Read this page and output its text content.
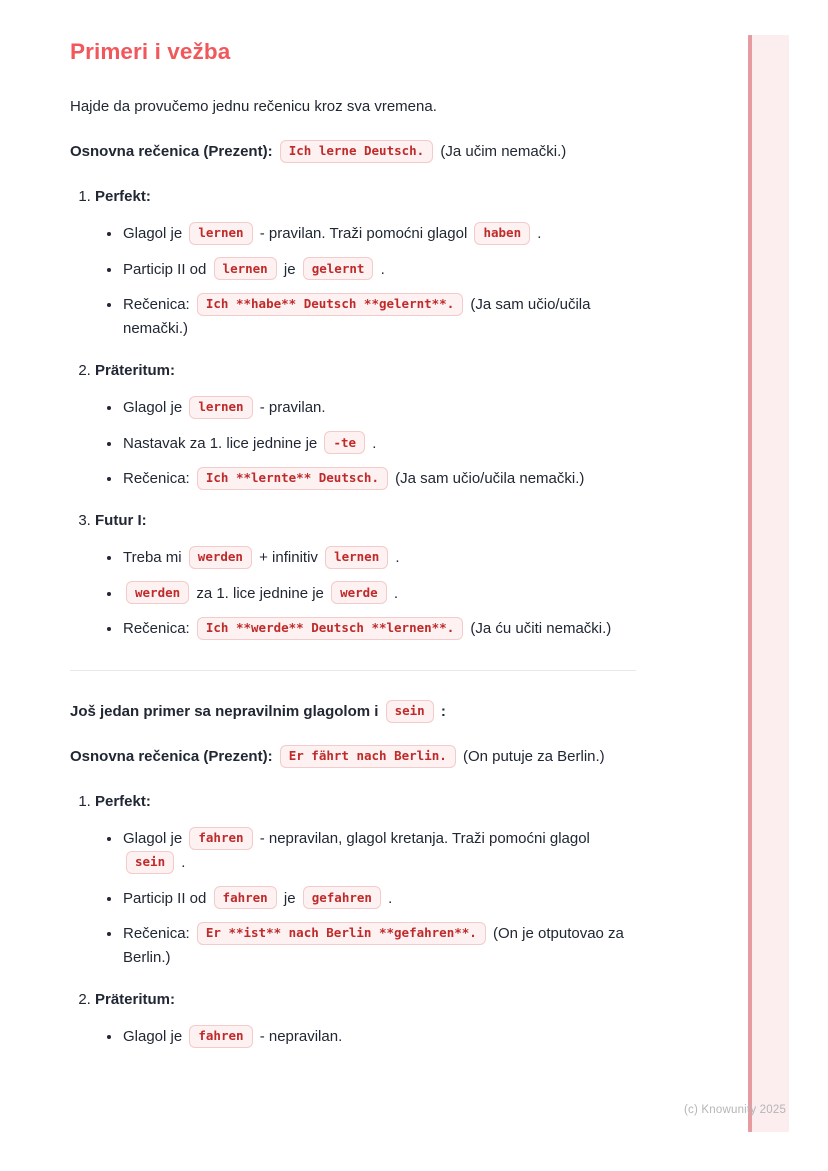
(c) Knowunity 2025
Primeri i vežba

Hajde da provučemo jednu rečenicu kroz sva vremena.

Osnovna rečenica (Prezent): Ich lerne Deutsch. (Ja učim nemački.)

1. Perfekt:
• Glagol je lernen - pravilan. Traži pomoćni glagol haben .
• Particip II od lernen je gelernt .
• Rečenica: Ich **habe** Deutsch **gelernt**. (Ja sam učio/učila nemački.)
2. Präteritum:
• Glagol je lernen - pravilan.
• Nastavak za 1. lice jednine je -te .
• Rečenica: Ich **lernte** Deutsch. (Ja sam učio/učila nemački.)
3. Futur I:
• Treba mi werden + infinitiv lernen .
• werden za 1. lice jednine je werde .
• Rečenica: Ich **werde** Deutsch **lernen**. (Ja ću učiti nemački.)

Još jedan primer sa nepravilnim glagolom i sein :

Osnovna rečenica (Prezent): Er fährt nach Berlin. (On putuje za Berlin.)

1. Perfekt:
• Glagol je fahren - nepravilan, glagol kretanja. Traži pomoćni glagol sein .
• Particip II od fahren je gefahren .
• Rečenica: Er **ist** nach Berlin **gefahren**. (On je otputovao za Berlin.)
2. Präteritum:
• Glagol je fahren - nepravilan.
